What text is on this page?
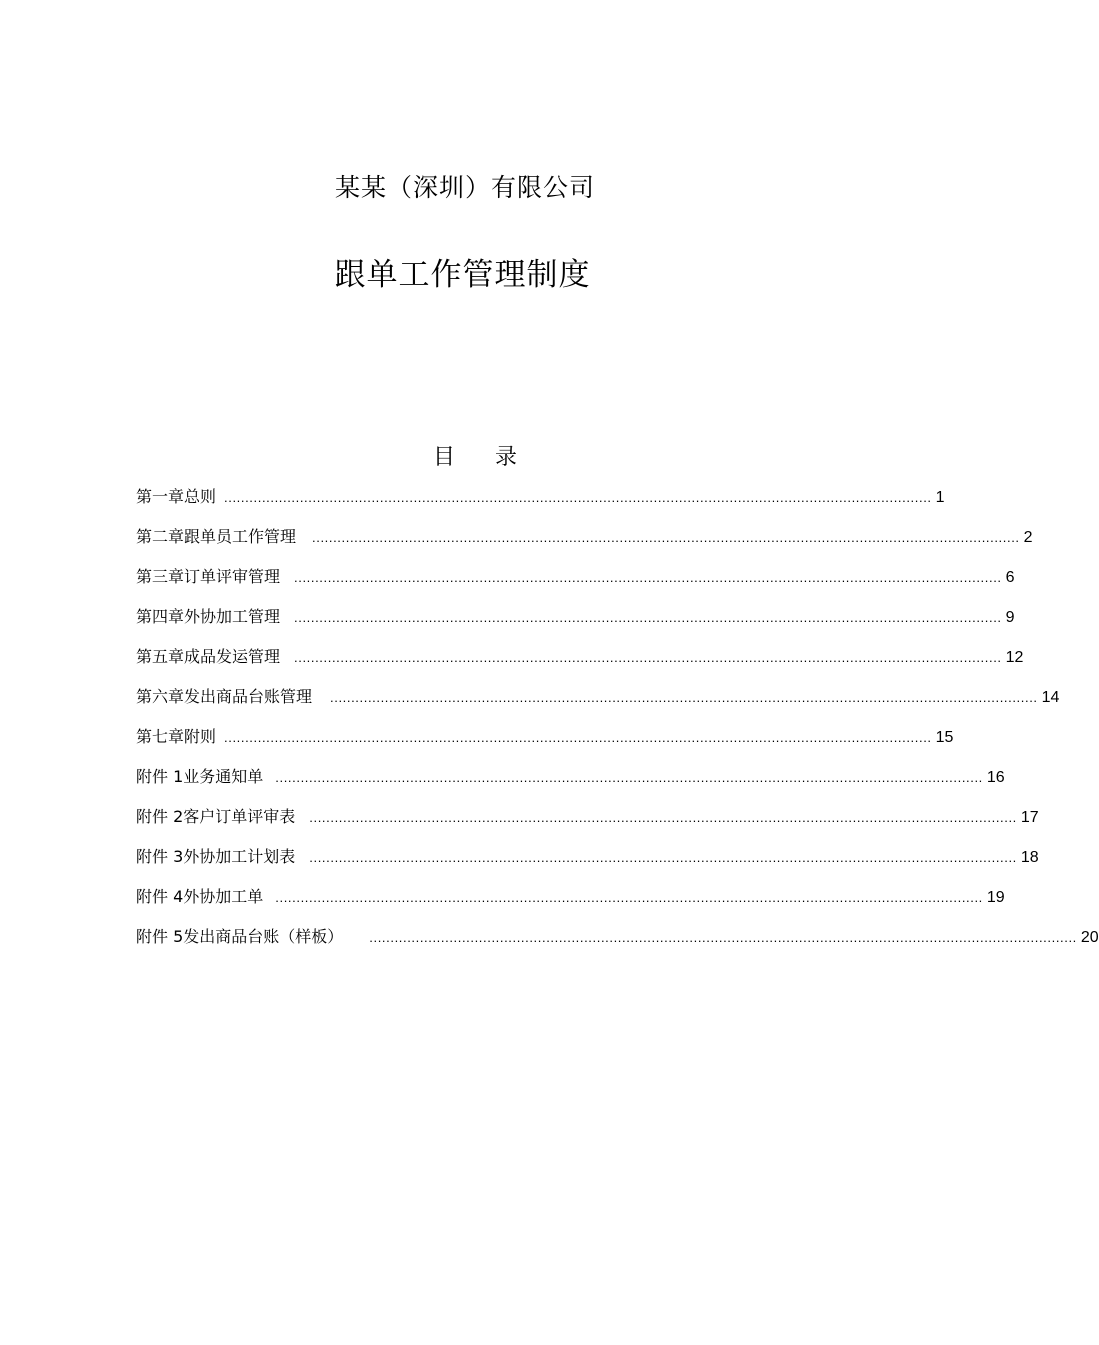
某某（深圳）有限公司
跟单工作管理制度
目 录
第一章 总则 ........................................................................................................................................................................ 1
第二章 跟单员工作管理 ........................................................................................................................................................................ 2
第三章 订单评审管理 ........................................................................................................................................................................ 6
第四章 外协加工管理 ........................................................................................................................................................................ 9
第五章 成品发运管理 ........................................................................................................................................................................ 12
第六章 发出商品台账管理 ........................................................................................................................................................................ 14
第七章 附则 ........................................................................................................................................................................ 15
附件 1 业务通知单 ........................................................................................................................................................................ 16
附件 2 客户订单评审表 ........................................................................................................................................................................ 17
附件 3 外协加工计划表 ........................................................................................................................................................................ 18
附件 4 外协加工单 ........................................................................................................................................................................ 19
附件 5 发出商品台账（样板） ........................................................................................................................................................................ 20
